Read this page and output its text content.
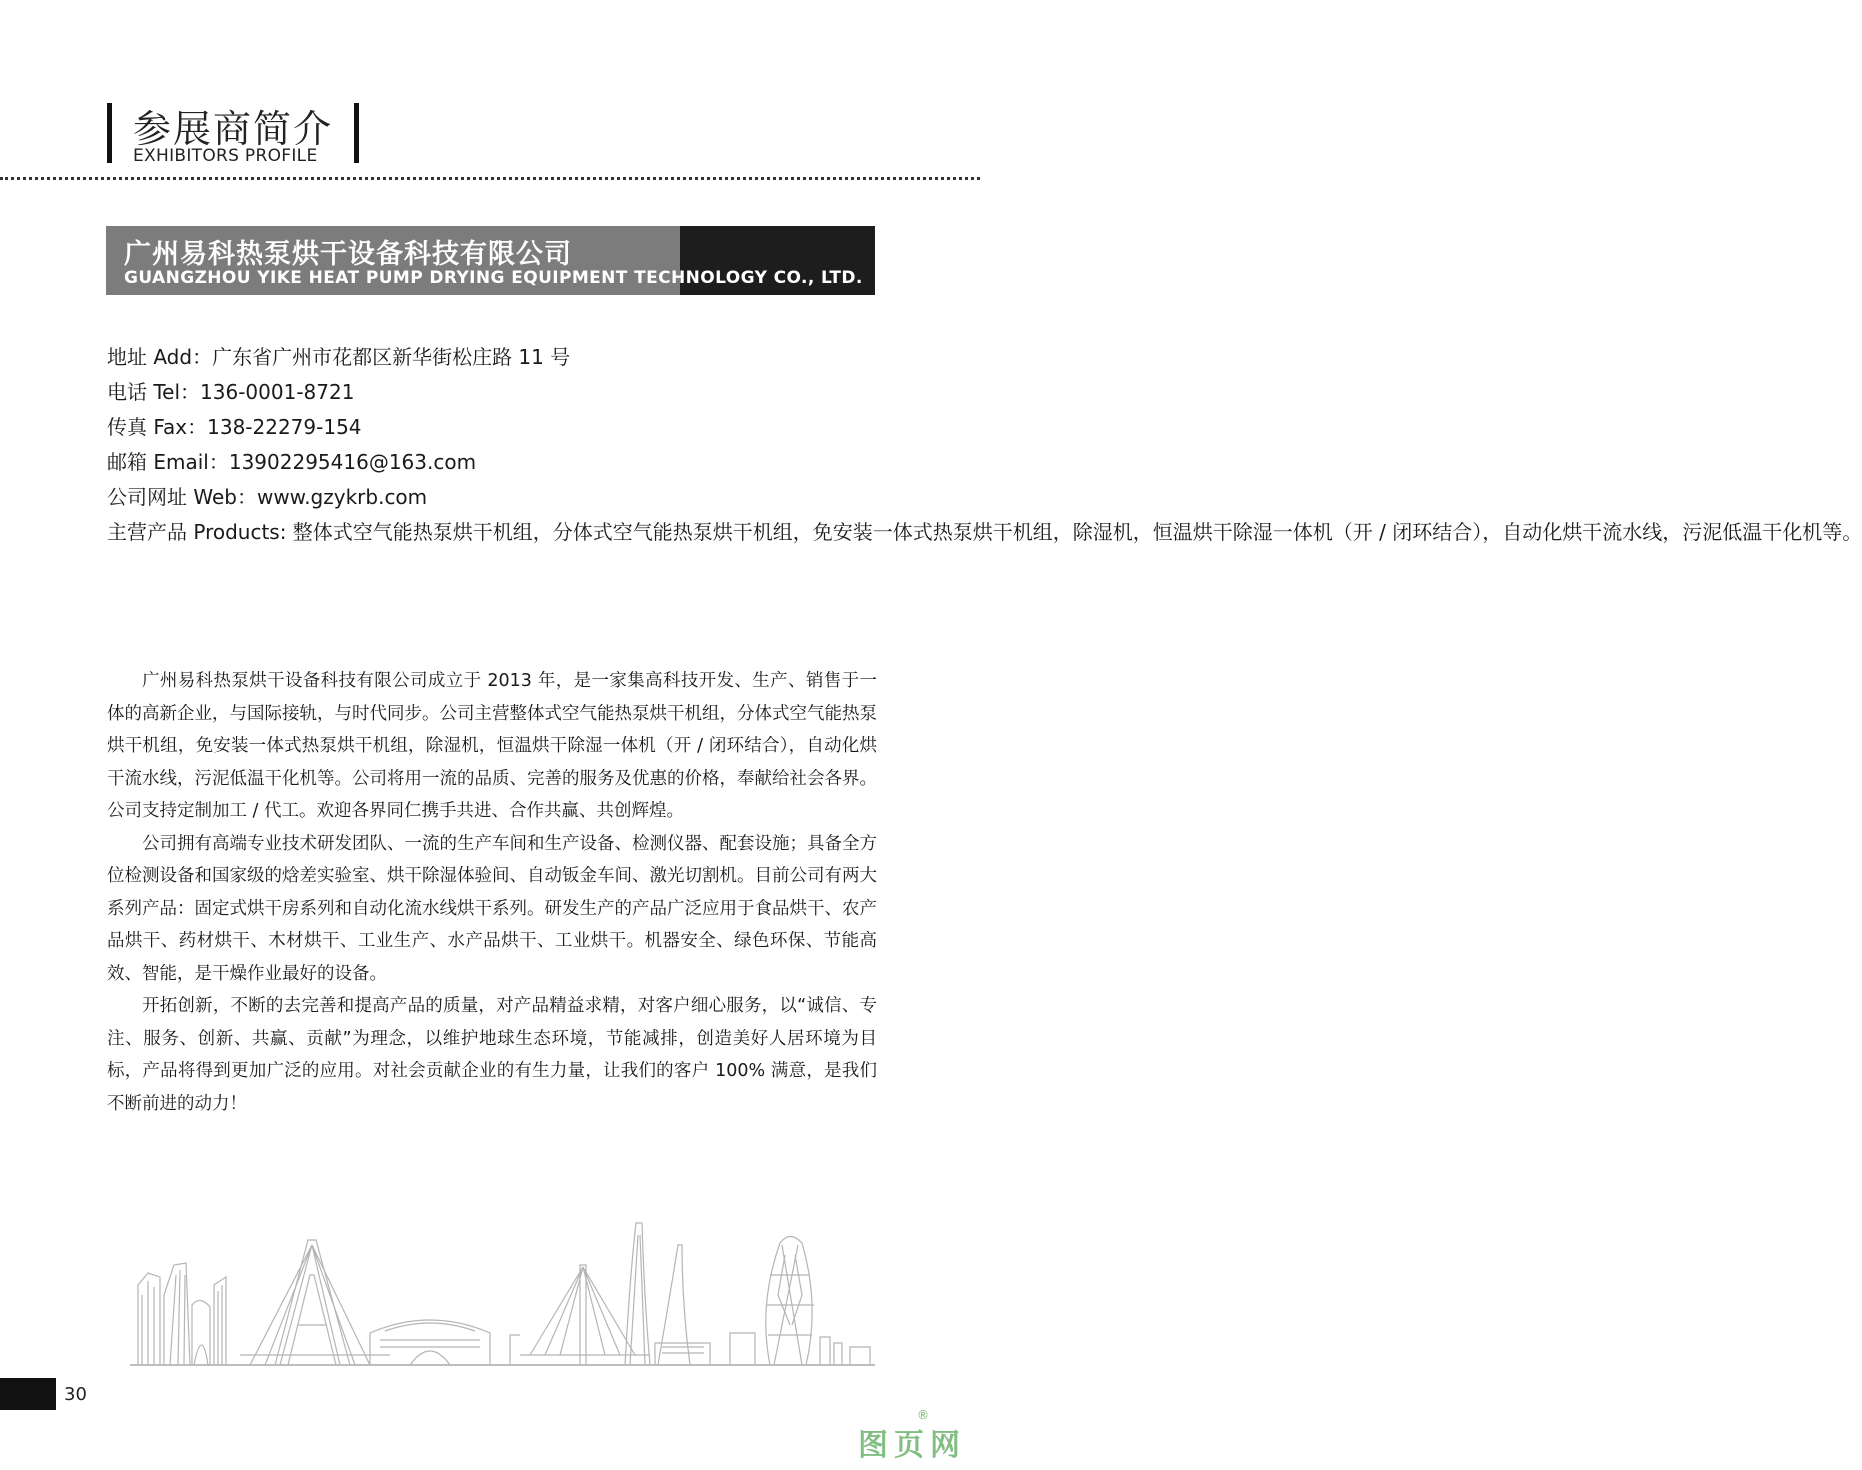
参展商简介
EXHIBITORS PROFILE
广州易科热泵烘干设备科技有限公司
GUANGZHOU YIKE HEAT PUMP DRYING EQUIPMENT TECHNOLOGY CO., LTD.
地址 Add：广东省广州市花都区新华街松庄路 11 号
电话 Tel：136-0001-8721
传真 Fax：138-22279-154
邮箱 Email：13902295416@163.com
公司网址 Web：www.gzykrb.com
主营产品 Products: 整体式空气能热泵烘干机组，分体式空气能热泵烘干机组，免安装一体式热泵烘干机组，除湿机，恒温烘干除湿一体机（开 / 闭环结合），自动化烘干流水线，污泥低温干化机等。

广州易科热泵烘干设备科技有限公司成立于 2013 年，是一家集高科技开发、生产、销售于一体的高新企业，与国际接轨，与时代同步。公司主营整体式空气能热泵烘干机组，分体式空气能热泵烘干机组，免安装一体式热泵烘干机组，除湿机，恒温烘干除湿一体机（开 / 闭环结合），自动化烘干流水线，污泥低温干化机等。公司将用一流的品质、完善的服务及优惠的价格，奉献给社会各界。公司支持定制加工 / 代工。欢迎各界同仁携手共进、合作共赢、共创辉煌。

公司拥有高端专业技术研发团队、一流的生产车间和生产设备、检测仪器、配套设施；具备全方位检测设备和国家级的焓差实验室、烘干除湿体验间、自动钣金车间、激光切割机。目前公司有两大系列产品：固定式烘干房系列和自动化流水线烘干系列。研发生产的产品广泛应用于食品烘干、农产品烘干、药材烘干、木材烘干、工业生产、水产品烘干、工业烘干。机器安全、绿色环保、节能高效、智能，是干燥作业最好的设备。

开拓创新，不断的去完善和提高产品的质量，对产品精益求精，对客户细心服务，以“诚信、专注、服务、创新、共赢、贡献”为理念，以维护地球生态环境，节能减排，创造美好人居环境为目标，产品将得到更加广泛的应用。对社会贡献企业的有生力量，让我们的客户 100% 满意，是我们不断前进的动力！

30
图页网
®
